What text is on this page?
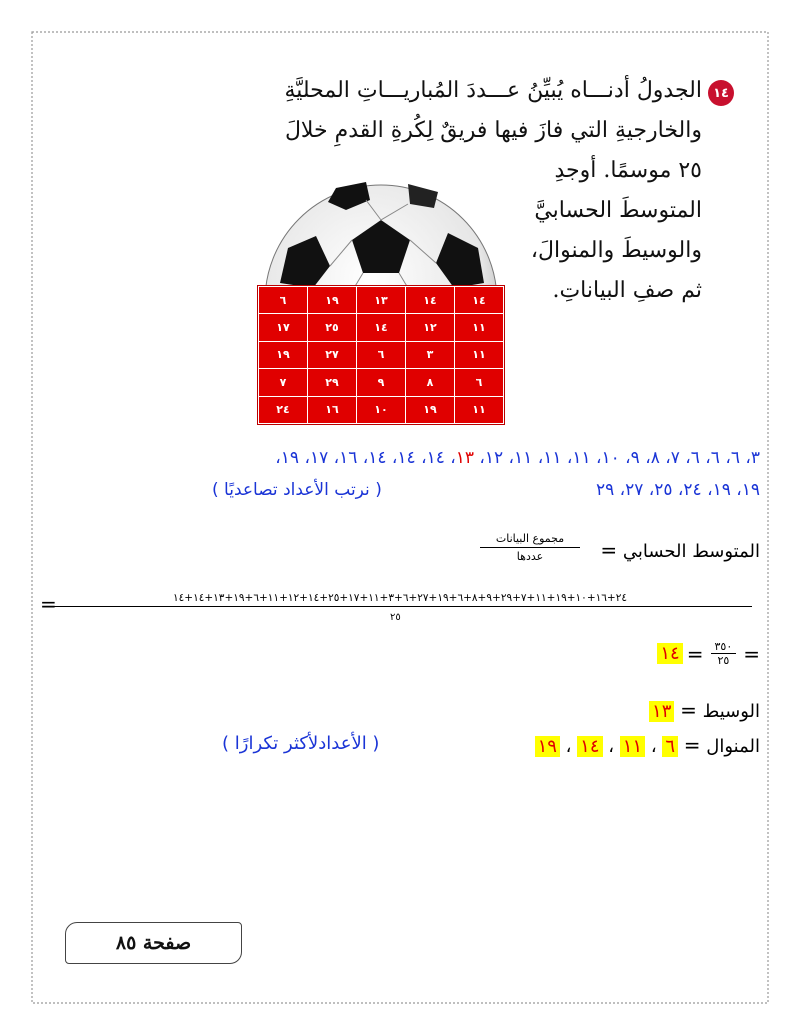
١٤
الجدولُ أدنـــاه يُبيِّنُ عـــددَ المُباريـــاتِ المحليَّةِ
والخارجيةِ التي فازَ فيها فريقٌ لِكُرةِ القدمِ خلالَ
٢٥ موسمًا. أوجدِ
المتوسطَ الحسابيَّ
والوسيطَ والمنوالَ،
ثم صفِ البياناتِ.
١٤	١٤	١٣	١٩	٦
١١	١٢	١٤	٢٥	١٧
١١	٣	٦	٢٧	١٩
٦	٨	٩	٢٩	٧
١١	١٩	١٠	١٦	٢٤
٣، ٦، ٦، ٦، ٧، ٨، ٩، ١٠، ١١، ١١، ١١، ١٢، ١٣، ١٤، ١٤، ١٤، ١٦، ١٧، ١٩،
١٩، ١٩، ٢٤، ٢٥، ٢٧، ٢٩
( نرتب الأعداد تصاعديًا )
المتوسط الحسابي =
مجموع البيانات
عددها
٢٤+١٦+١٠+١٩+١١+٧+٢٩+٩+٨+٦+١٩+٢٧+٦+٣+١١+١٧+٢٥+١٤+١٢+١١+٦+١٩+١٣+١٤+١٤
=
٢٥
=
٣٥٠
٢٥
=
١٤
الوسيط = ١٣
المنوال = ٦ ، ١١ ، ١٤ ، ١٩
( الأعدادلأكثر تكرارًا )
صفحة ٨٥
